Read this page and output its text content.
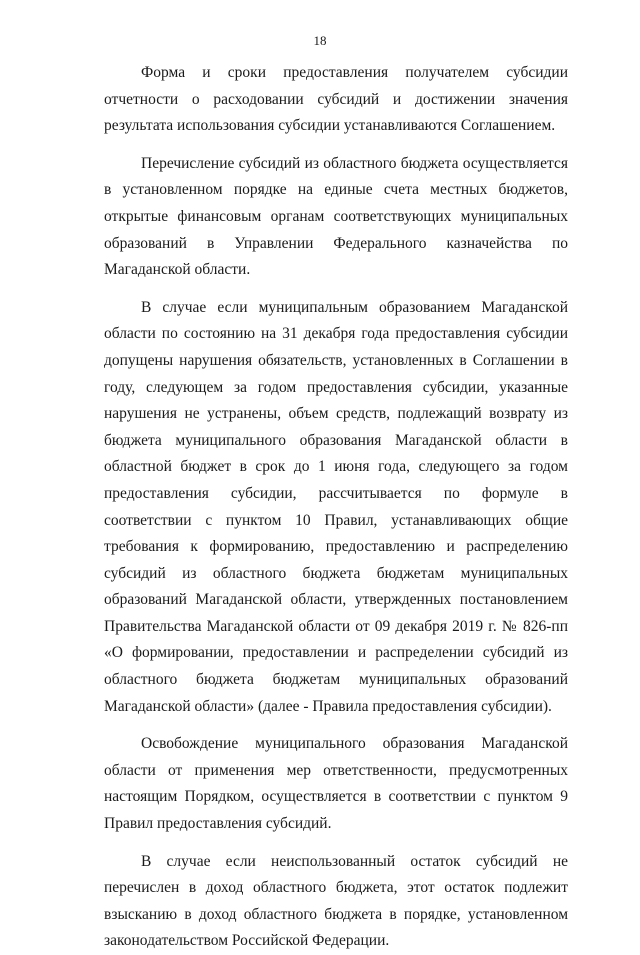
18

Форма и сроки предоставления получателем субсидии отчетности о расходовании субсидий и достижении значения результата использования субсидии устанавливаются Соглашением.

Перечисление субсидий из областного бюджета осуществляется в установленном порядке на единые счета местных бюджетов, открытые финансовым органам соответствующих муниципальных образований в Управлении Федерального казначейства по Магаданской области.

В случае если муниципальным образованием Магаданской области по состоянию на 31 декабря года предоставления субсидии допущены нарушения обязательств, установленных в Соглашении в году, следующем за годом предоставления субсидии, указанные нарушения не устранены, объем средств, подлежащий возврату из бюджета муниципального образования Магаданской области в областной бюджет в срок до 1 июня года, следующего за годом предоставления субсидии, рассчитывается по формуле в соответствии с пунктом 10 Правил, устанавливающих общие требования к формированию, предоставлению и распределению субсидий из областного бюджета бюджетам муниципальных образований Магаданской области, утвержденных постановлением Правительства Магаданской области от 09 декабря 2019 г. № 826-пп «О формировании, предоставлении и распределении субсидий из областного бюджета бюджетам муниципальных образований Магаданской области» (далее - Правила предоставления субсидии).

Освобождение муниципального образования Магаданской области от применения мер ответственности, предусмотренных настоящим Порядком, осуществляется в соответствии с пунктом 9 Правил предоставления субсидий.

В случае если неиспользованный остаток субсидий не перечислен в доход областного бюджета, этот остаток подлежит взысканию в доход областного бюджета в порядке, установленном законодательством Российской Федерации.
